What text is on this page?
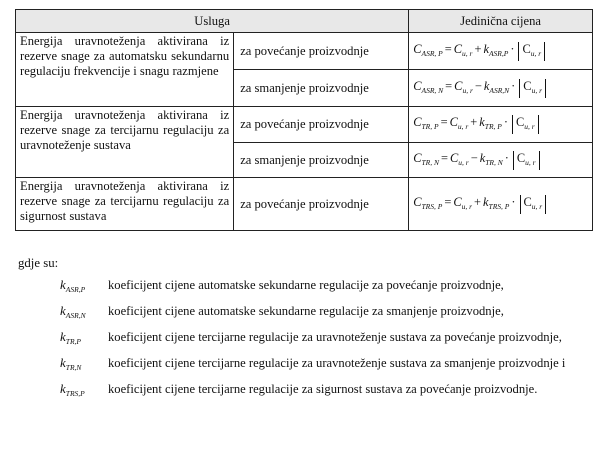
Usluga		Jedinična cijena
Energija uravnoteženja aktivirana iz rezerve snage za automatsku sekundarnu regulaciju frekvencije i snagu razmjene	za povećanje proizvodnje	$C_{ASR, P} = C_{u, r} + k_{ASR,P} \cdot C_{u, r}$
	za smanjenje proizvodnje	$C_{ASR, N} = C_{u, r} - k_{ASR,N} \cdot C_{u, r}$
Energija uravnoteženja aktivirana iz rezerve snage za tercijarnu regulaciju za uravnoteženje sustava	za povećanje proizvodnje	$C_{TR, P} = C_{u, r} + k_{TR, P} \cdot C_{u, r}$
	za smanjenje proizvodnje	$C_{TR, N} = C_{u, r} - k_{TR, N} \cdot C_{u, r}$
Energija uravnoteženja aktivirana iz rezerve snage za tercijarnu regulaciju za sigurnost sustava	za povećanje proizvodnje	$C_{TRS, P} = C_{u, r} + k_{TRS, P} \cdot C_{u, r}$
gdje su:
$k_{ASR,P}$	koeficijent cijene automatske sekundarne regulacije za povećanje proizvodnje,
$k_{ASR,N}$	koeficijent cijene automatske sekundarne regulacije za smanjenje proizvodnje,
$k_{TR,P}$	koeficijent cijene tercijarne regulacije za uravnoteženje sustava za povećanje proizvodnje,
$k_{TR,N}$	koeficijent cijene tercijarne regulacije za uravnoteženje sustava za smanjenje proizvodnje i
$k_{TRS,P}$	koeficijent cijene tercijarne regulacije za sigurnost sustava za povećanje proizvodnje.
